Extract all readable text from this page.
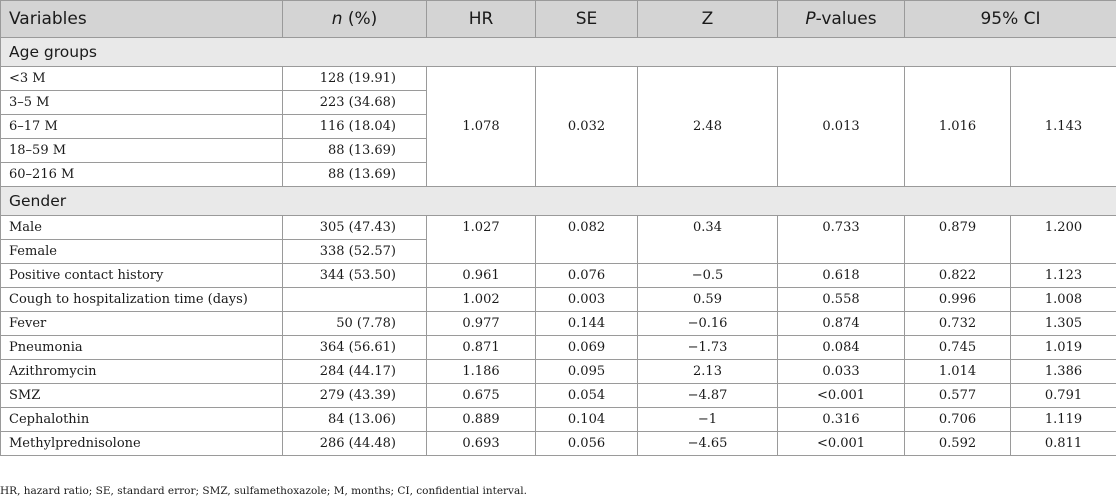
Variables	n (%)	HR	SE	Z	P-values	95% CI	
Age groups							
<3 M	128 (19.91)	1.078	0.032	2.48	0.013	1.016	1.143
3–5 M	223 (34.68)						
6–17 M	116 (18.04)						
18–59 M	88 (13.69)						
60–216 M	88 (13.69)						
Gender							
Male	305 (47.43)	1.027	0.082	0.34	0.733	0.879	1.200
Female	338 (52.57)						
Positive contact history	344 (53.50)	0.961	0.076	−0.5	0.618	0.822	1.123
Cough to hospitalization time (days)		1.002	0.003	0.59	0.558	0.996	1.008
Fever	50 (7.78)	0.977	0.144	−0.16	0.874	0.732	1.305
Pneumonia	364 (56.61)	0.871	0.069	−1.73	0.084	0.745	1.019
Azithromycin	284 (44.17)	1.186	0.095	2.13	0.033	1.014	1.386
SMZ	279 (43.39)	0.675	0.054	−4.87	<0.001	0.577	0.791
Cephalothin	84 (13.06)	0.889	0.104	−1	0.316	0.706	1.119
Methylprednisolone	286 (44.48)	0.693	0.056	−4.65	<0.001	0.592	0.811
HR, hazard ratio; SE, standard error; SMZ, sulfamethoxazole; M, months; CI, confidential interval.
